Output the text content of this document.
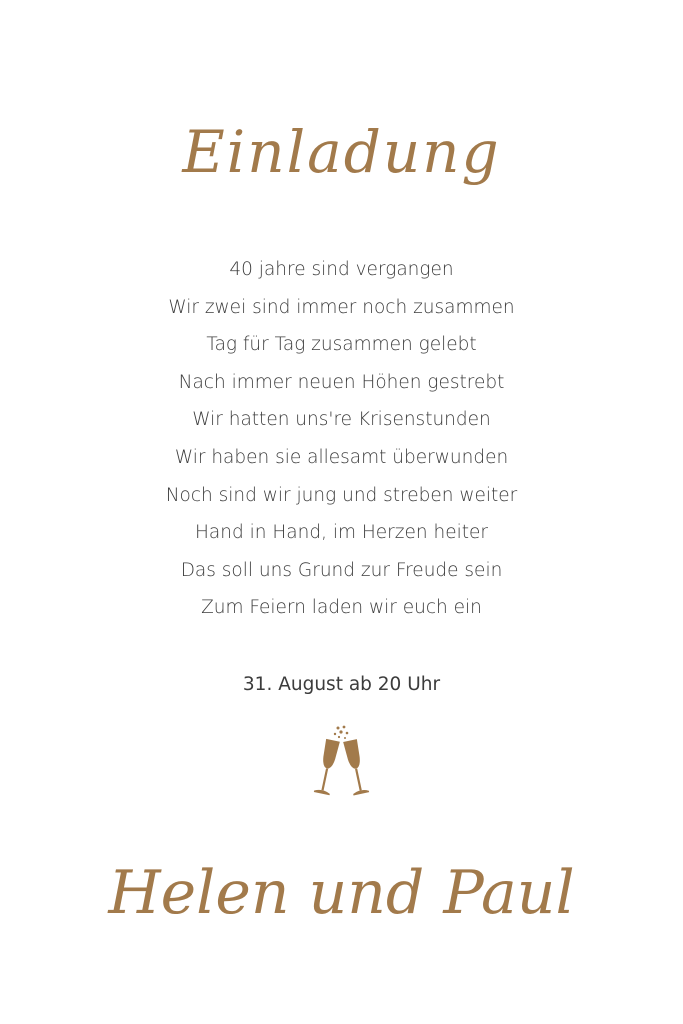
Einladung
40 jahre sind vergangen
Wir zwei sind immer noch zusammen
Tag für Tag zusammen gelebt
Nach immer neuen Höhen gestrebt
Wir hatten uns're Krisenstunden
Wir haben sie allesamt überwunden
Noch sind wir jung und streben weiter
Hand in Hand, im Herzen heiter
Das soll uns Grund zur Freude sein
Zum Feiern laden wir euch ein
31. August ab 20 Uhr
Helen und Paul
